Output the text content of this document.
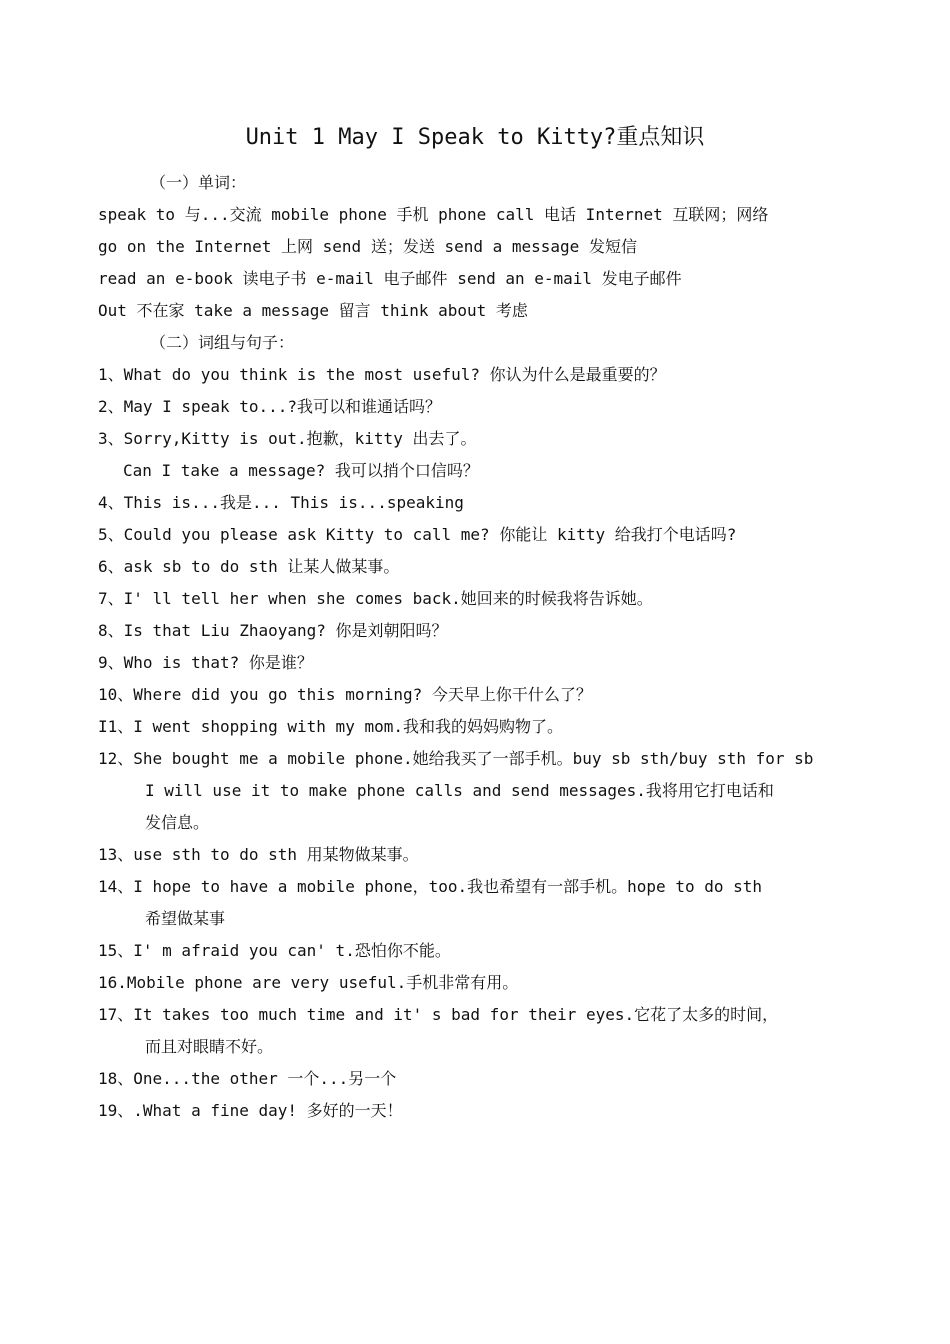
Unit 1 May I Speak to Kitty?重点知识
（一）单词：
speak to 与...交流 mobile phone 手机 phone call 电话 Internet 互联网；网络
go on the Internet 上网 send 送；发送 send a message 发短信
read an e-book 读电子书 e-mail 电子邮件 send an e-mail 发电子邮件
Out 不在家 take a message 留言 think about 考虑
（二）词组与句子：
1、What do you think is the most useful? 你认为什么是最重要的？
2、May I speak to...?我可以和谁通话吗？
3、Sorry,Kitty is out.抱歉，kitty 出去了。
Can I take a message? 我可以捎个口信吗？
4、This is...我是... This is...speaking
5、Could you please ask Kitty to call me? 你能让 kitty 给我打个电话吗?
6、ask sb to do sth 让某人做某事。
7、I' ll tell her when she comes back.她回来的时候我将告诉她。
8、Is that Liu Zhaoyang? 你是刘朝阳吗？
9、Who is that? 你是谁？
10、Where did you go this morning? 今天早上你干什么了？
I1、I went shopping with my mom.我和我的妈妈购物了。
12、She bought me a mobile phone.她给我买了一部手机。buy sb sth/buy sth for sb
I will use it to make phone calls and send messages.我将用它打电话和
发信息。
13、use sth to do sth 用某物做某事。
14、I hope to have a mobile phone，too.我也希望有一部手机。hope to do sth
希望做某事
15、I' m afraid you can' t.恐怕你不能。
16.Mobile phone are very useful.手机非常有用。
17、It takes too much time and it' s bad for their eyes.它花了太多的时间，
而且对眼睛不好。
18、One...the other 一个...另一个
19、.What a fine day! 多好的一天！
